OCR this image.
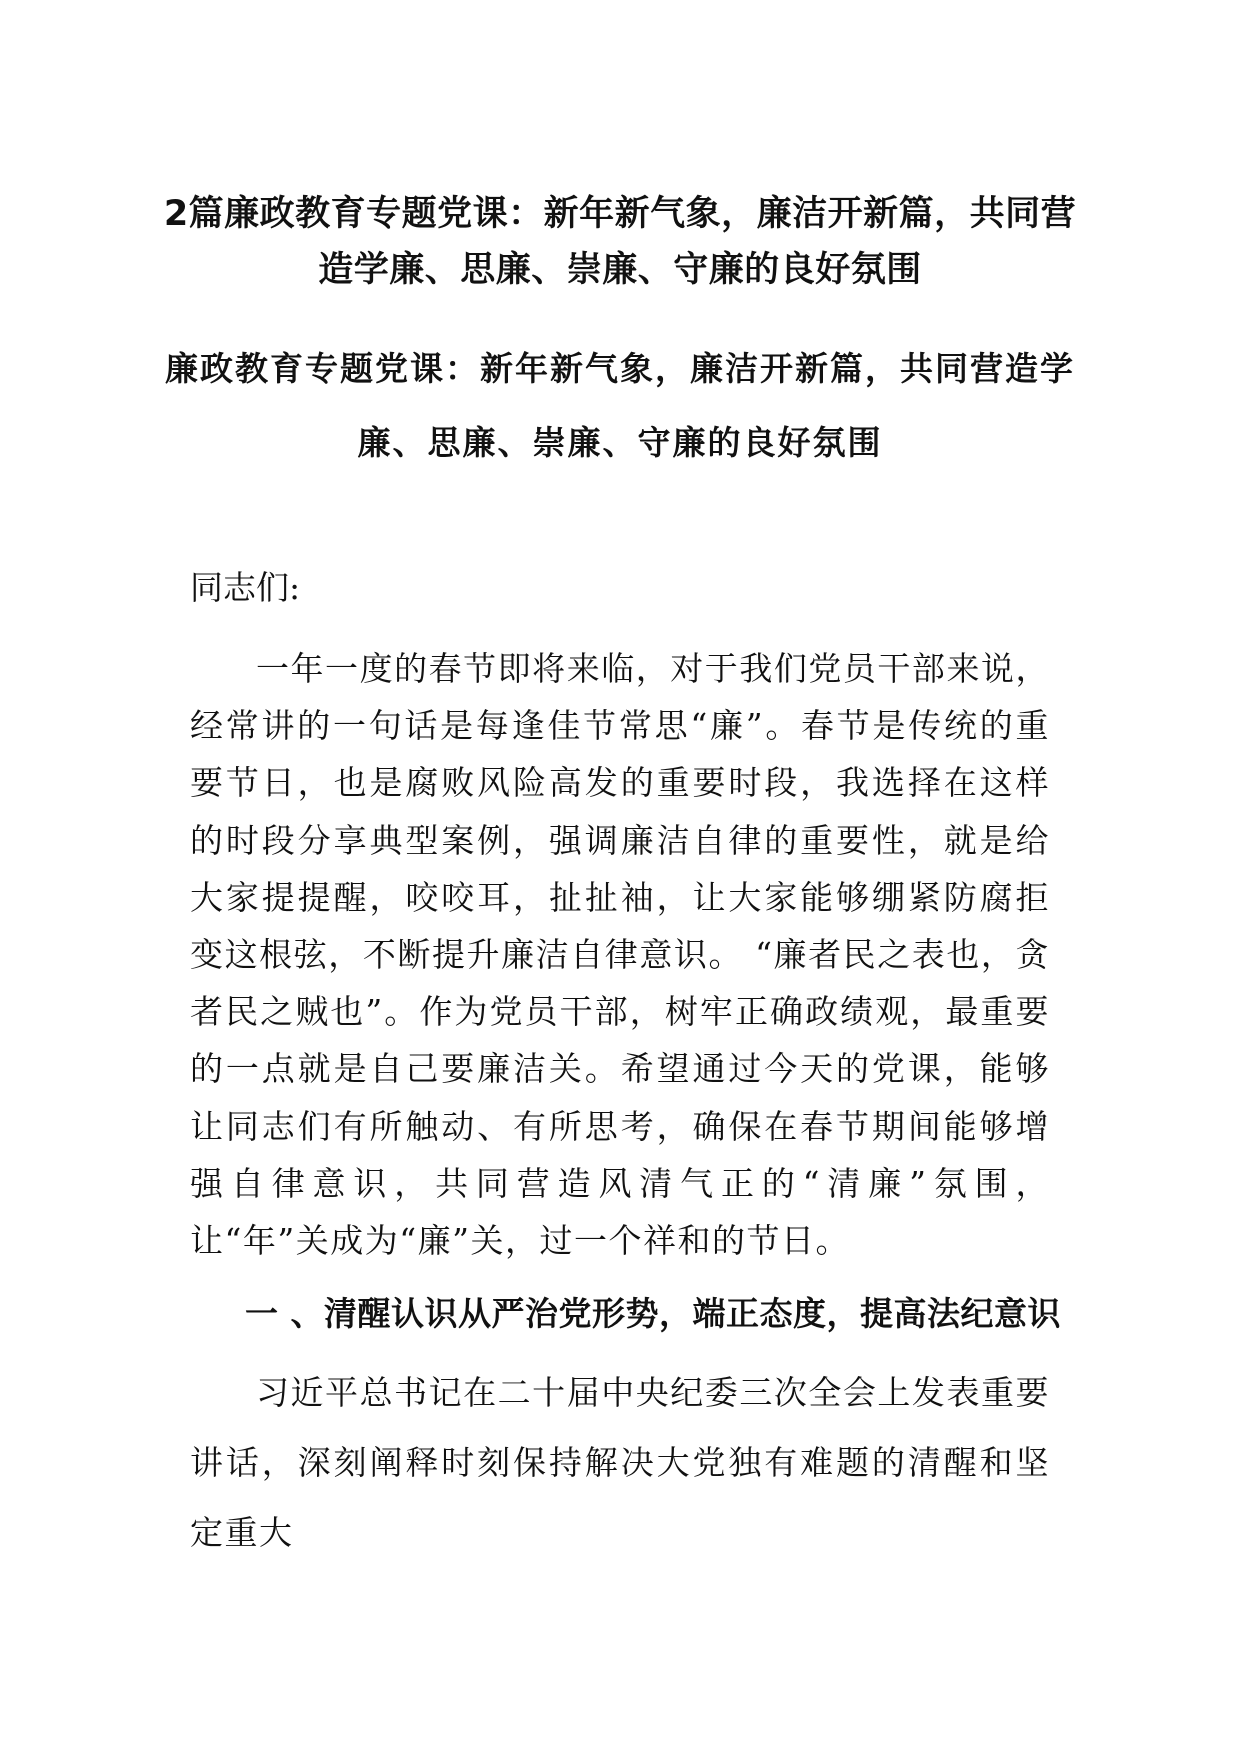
2篇廉政教育专题党课：新年新气象，廉洁开新篇，共同营造学廉、思廉、崇廉、守廉的良好氛围
廉政教育专题党课：新年新气象，廉洁开新篇，共同营造学廉、思廉、崇廉、守廉的良好氛围

同志们:

一年一度的春节即将来临，对于我们党员干部来说，经常讲的一句话是每逢佳节常思“廉”。春节是传统的重要节日，也是腐败风险高发的重要时段，我选择在这样的时段分享典型案例，强调廉洁自律的重要性，就是给大家提提醒，咬咬耳，扯扯袖，让大家能够绷紧防腐拒变这根弦，不断提升廉洁自律意识。 “廉者民之表也，贪者民之贼也”。作为党员干部，树牢正确政绩观，最重要的一点就是自己要廉洁关。希望通过今天的党课，能够让同志们有所触动、有所思考，确保在春节期间能够增强自律意识，共同营造风清气正的“清廉”氛围，让“年”关成为“廉”关，过一个祥和的节日。

一 、清醒认识从严治党形势，端正态度，提高法纪意识

习近平总书记在二十届中央纪委三次全会上发表重要讲话，深刻阐释时刻保持解决大党独有难题的清醒和坚定重大
